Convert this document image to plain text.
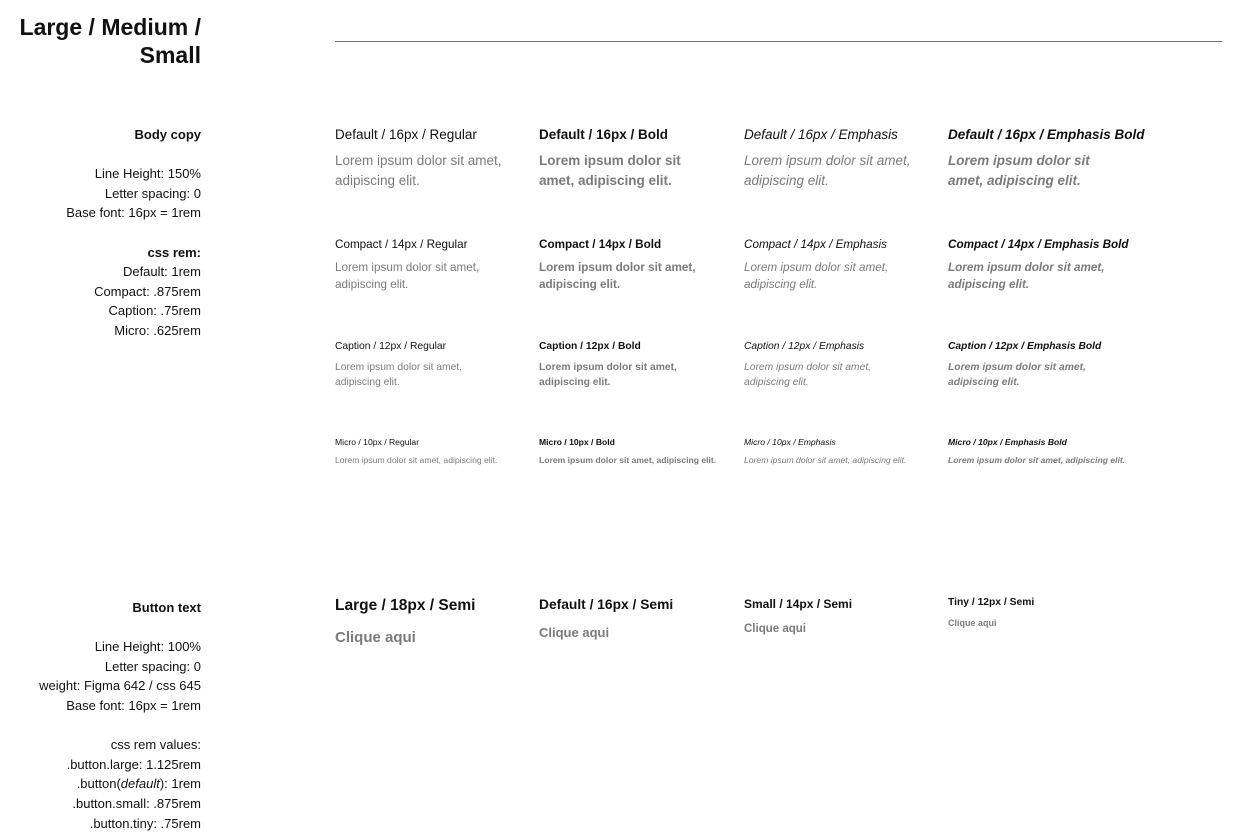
Large / Medium / Small
Body copy
Line Height: 150%
Letter spacing: 0
Base font: 16px = 1rem
css rem:
Default: 1rem
Compact: .875rem
Caption: .75rem
Micro: .625rem
Default / 16px / Regular
Lorem ipsum dolor sit amet, adipiscing elit.
Default / 16px / Bold
Lorem ipsum dolor sit amet, adipiscing elit.
Default / 16px / Emphasis
Lorem ipsum dolor sit amet, adipiscing elit.
Default / 16px / Emphasis Bold
Lorem ipsum dolor sit amet, adipiscing elit.
Compact / 14px / Regular
Lorem ipsum dolor sit amet, adipiscing elit.
Compact / 14px / Bold
Lorem ipsum dolor sit amet, adipiscing elit.
Compact / 14px / Emphasis
Lorem ipsum dolor sit amet, adipiscing elit.
Compact / 14px / Emphasis Bold
Lorem ipsum dolor sit amet, adipiscing elit.
Caption / 12px / Regular
Lorem ipsum dolor sit amet, adipiscing elit.
Caption / 12px / Bold
Lorem ipsum dolor sit amet, adipiscing elit.
Caption / 12px / Emphasis
Lorem ipsum dolor sit amet, adipiscing elit.
Caption / 12px / Emphasis Bold
Lorem ipsum dolor sit amet, adipiscing elit.
Micro / 10px / Regular
Lorem ipsum dolor sit amet, adipiscing elit.
Micro / 10px / Bold
Lorem ipsum dolor sit amet, adipiscing elit.
Micro / 10px / Emphasis
Lorem ipsum dolor sit amet, adipiscing elit.
Micro / 10px / Emphasis Bold
Lorem ipsum dolor sit amet, adipiscing elit.
Button text
Line Height: 100%
Letter spacing: 0
weight: Figma 642 / css 645
Base font: 16px = 1rem
css rem values:
.button.large: 1.125rem
.button(default): 1rem
.button.small: .875rem
.button.tiny: .75rem
Large / 18px / Semi
Clique aqui
Default / 16px / Semi
Clique aqui
Small / 14px / Semi
Clique aqui
Tiny / 12px / Semi
Clique aqui
